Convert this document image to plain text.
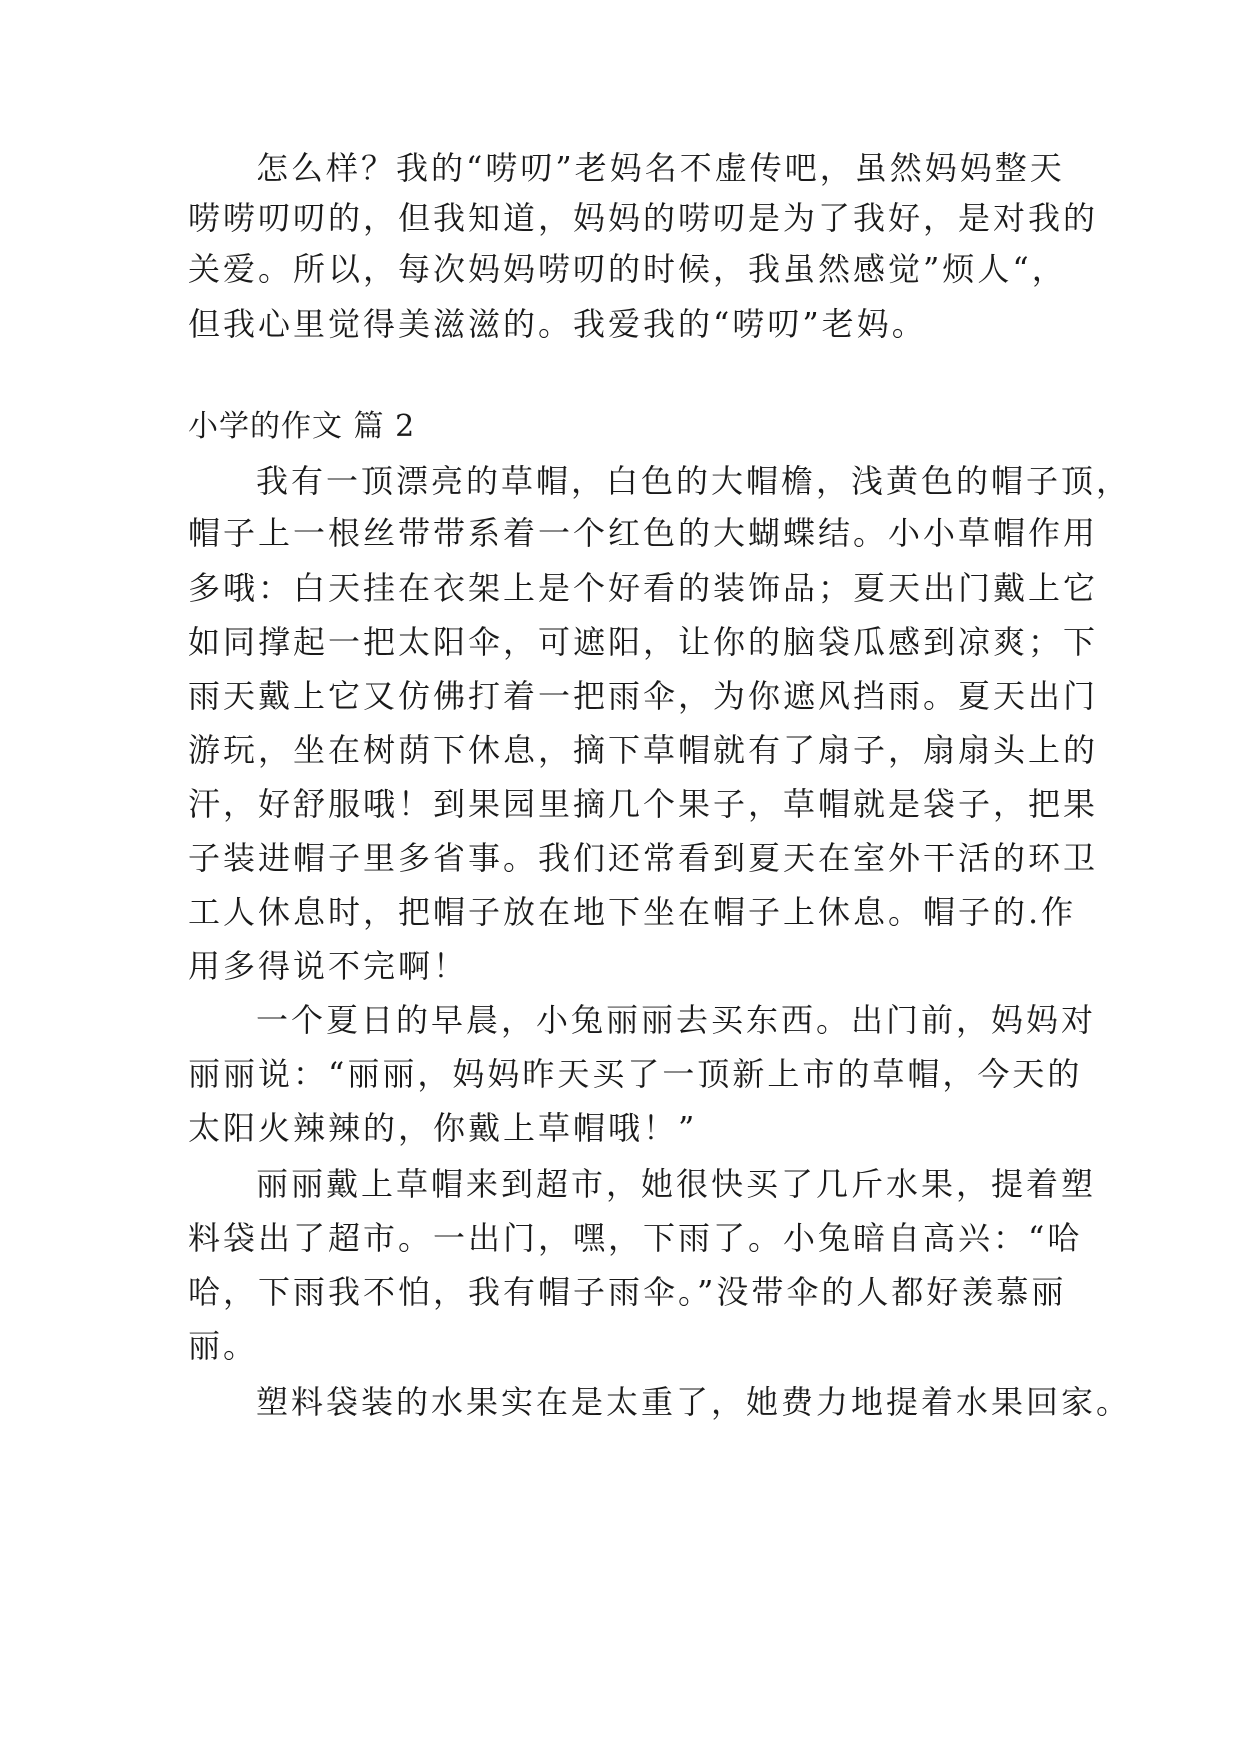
怎么样？我的“唠叨”老妈名不虚传吧，虽然妈妈整天
唠唠叨叨的，但我知道，妈妈的唠叨是为了我好，是对我的
关爱。所以，每次妈妈唠叨的时候，我虽然感觉”烦人“，
但我心里觉得美滋滋的。我爱我的“唠叨”老妈。
小学的作文 篇 2
我有一顶漂亮的草帽，白色的大帽檐，浅黄色的帽子顶，
帽子上一根丝带带系着一个红色的大蝴蝶结。小小草帽作用
多哦：白天挂在衣架上是个好看的装饰品；夏天出门戴上它
如同撑起一把太阳伞，可遮阳，让你的脑袋瓜感到凉爽；下
雨天戴上它又仿佛打着一把雨伞，为你遮风挡雨。夏天出门
游玩，坐在树荫下休息，摘下草帽就有了扇子，扇扇头上的
汗，好舒服哦！到果园里摘几个果子，草帽就是袋子，把果
子装进帽子里多省事。我们还常看到夏天在室外干活的环卫
工人休息时，把帽子放在地下坐在帽子上休息。帽子的.作
用多得说不完啊！
一个夏日的早晨，小兔丽丽去买东西。出门前，妈妈对
丽丽说：“丽丽，妈妈昨天买了一顶新上市的草帽，今天的
太阳火辣辣的，你戴上草帽哦！”
丽丽戴上草帽来到超市，她很快买了几斤水果，提着塑
料袋出了超市。一出门，嘿，下雨了。小兔暗自高兴：“哈
哈，下雨我不怕，我有帽子雨伞。”没带伞的人都好羡慕丽
丽。
塑料袋装的水果实在是太重了，她费力地提着水果回家。
